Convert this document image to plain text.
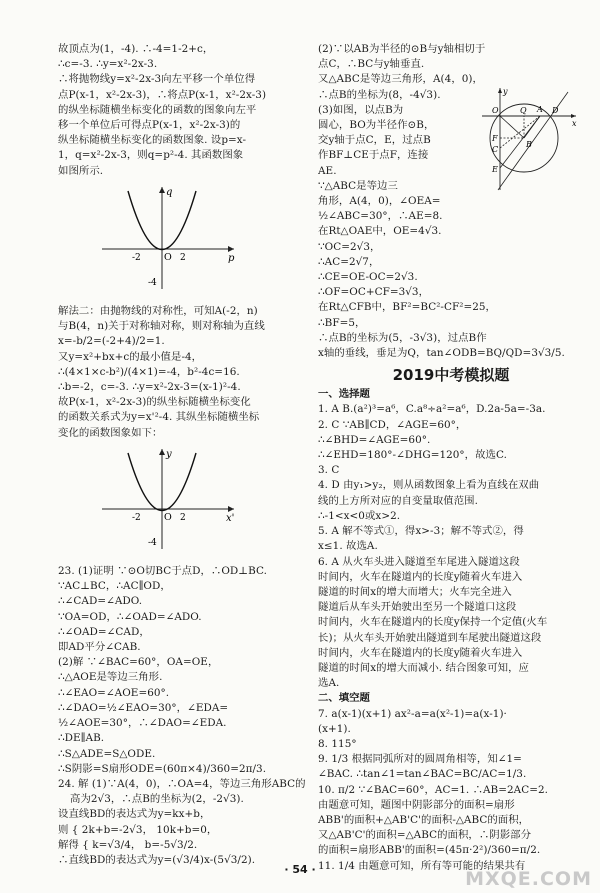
故顶点为(1，-4). ∴-4=1-2+c，
∴c=-3. ∴y=x²-2x-3.
∴将抛物线y=x²-2x-3向左平移一个单位得
点P(x-1，x²-2x-3)，∴将点P(x-1，x²-2x-3)
的纵坐标随横坐标变化的函数的图象向左平
移一个单位后可得点P(x-1，x²-2x-3)的
纵坐标随横坐标变化的函数图象. 设p=x-
1，q=x²-2x-3，则q=p²-4. 其函数图象
如图所示.
q
p
O
-2	2
-4
解法二：由抛物线的对称性，可知A(-2，n)
与B(4，n)关于对称轴对称，则对称轴为直线
x=-b/2=(-2+4)/2=1.
又y=x²+bx+c的最小值是-4，
∴(4×1×c-b²)/(4×1)=-4，b²-4c=16.
∴b=-2，c=-3. ∴y=x²-2x-3=(x-1)²-4.
故P(x-1，x²-2x-3)的纵坐标随横坐标变化
的函数关系式为y=x'²-4. 其纵坐标随横坐标
变化的函数图象如下：
y
x'
O
-2	2
-4
23. (1)证明 ∵⊙O切BC于点D，∴OD⊥BC.
∵AC⊥BC，∴AC∥OD，
∴∠CAD=∠ADO.
∵OA=OD，∴∠OAD=∠ADO.
∴∠OAD=∠CAD，
即AD平分∠CAB.
(2)解 ∵∠BAC=60°，OA=OE，
∴△AOE是等边三角形.
∴∠EAO=∠AOE=60°.
∴∠DAO=½∠EAO=30°，∠EDA=
½∠AOE=30°，∴∠DAO=∠EDA.
∴DE∥AB.
∴S△ADE=S△ODE.
∴S阴影=S扇形ODE=(60π×4)/360=2π/3.
24. 解 (1)∵A(4，0)，∴OA=4，等边三角形ABC的
高为2√3，∴点B的坐标为(2，-2√3).
设直线BD的表达式为y=kx+b，
则 { 2k+b=-2√3， 10k+b=0，
解得 { k=√3/4， b=-5√3/2.
∴直线BD的表达式为y=(√3/4)x-(5√3/2).
(2)∵以AB为半径的⊙B与y轴相切于
点C，∴BC与y轴垂直.
又△ABC是等边三角形，A(4，0)，
∴点B的坐标为(8，-4√3).
(3)如图，以点B为
圆心，BO为半径作⊙B，
交y轴于点C，E，过点B
作BF⊥CE于点F，连接
AE.
∵△ABC是等边三
角形，A(4，0)，∠OEA=
½∠ABC=30°，∴AE=8.
在Rt△OAE中，OE=4√3.
∵OC=2√3，
∴AC=2√7，
∴CE=OE-OC=2√3.
∴OF=OC+CF=3√3，
在Rt△CFB中，BF²=BC²-CF²=25，
∴BF=5，
∴点B的坐标为(5，-3√3)，过点B作
x轴的垂线，垂足为Q，tan∠ODB=BQ/QD=3√3/5.
2019中考模拟题
一、选择题
1. A B.(a²)³=a⁶，C.a⁸÷a²=a⁶，D.2a-5a=-3a.
2. C ∵AB∥CD，∠AGE=60°，
∴∠BHD=∠AGE=60°.
∴∠EHD=180°-∠DHG=120°，故选C.
3. C
4. D 由y₁>y₂，则从函数图象上看为直线在双曲
线的上方所对应的自变量取值范围.
∴-1<x<0或x>2.
5. A 解不等式①，得x>-3；解不等式②，得
x≤1. 故选A.
6. A 从火车头进入隧道至车尾进入隧道这段
时间内，火车在隧道内的长度y随着火车进入
隧道的时间x的增大而增大；火车完全进入
隧道后从车头开始驶出至另一个隧道口这段
时间内，火车在隧道内的长度y保持一个定值(火车
长)；从火车头开始驶出隧道到车尾驶出隧道这段
时间内，火车在隧道内的长度y随着火车进入
隧道的时间x的增大而减小. 结合图象可知，应
选A.
二、填空题
7. a(x-1)(x+1) ax²-a=a(x²-1)=a(x-1)·
(x+1).
8. 115°
9. 1/3 根据同弧所对的圆周角相等，知∠1=
∠BAC. ∴tan∠1=tan∠BAC=BC/AC=1/3.
10. π/2 ∵∠BAC=60°，AC=1. ∴AB=2AC=2.
由题意可知，题图中阴影部分的面积=扇形
ABB'的面积+△AB'C'的面积-△ABC的面积，
又△AB'C'的面积=△ABC的面积，∴阴影部分
的面积=扇形ABB'的面积=(45π·2²)/360=π/2.
11. 1/4 由题意可知，所有等可能的结果共有
y
x
A
O	Q	D
C
E
F
B
· 54 ·	MXQE.COM
